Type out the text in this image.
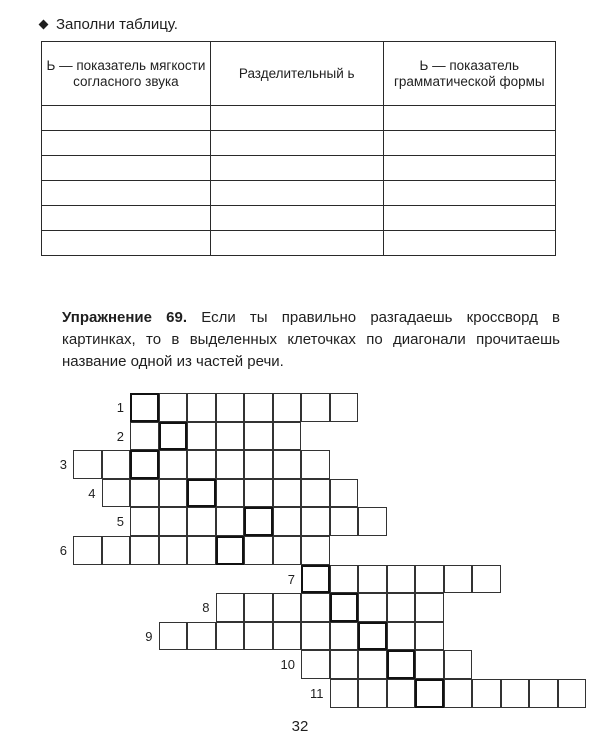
Заполни таблицу.
Ь — показатель мягкости согласного звука	Разделительный ь	Ь — показатель грамматической формы

Упражнение 69. Если ты правильно разгадаешь кроссворд в картинках, то в выделенных клеточках по диагонали прочитаешь название одной из частей речи.
1
2
3
4
5
6
7
8
9
10
11
32
